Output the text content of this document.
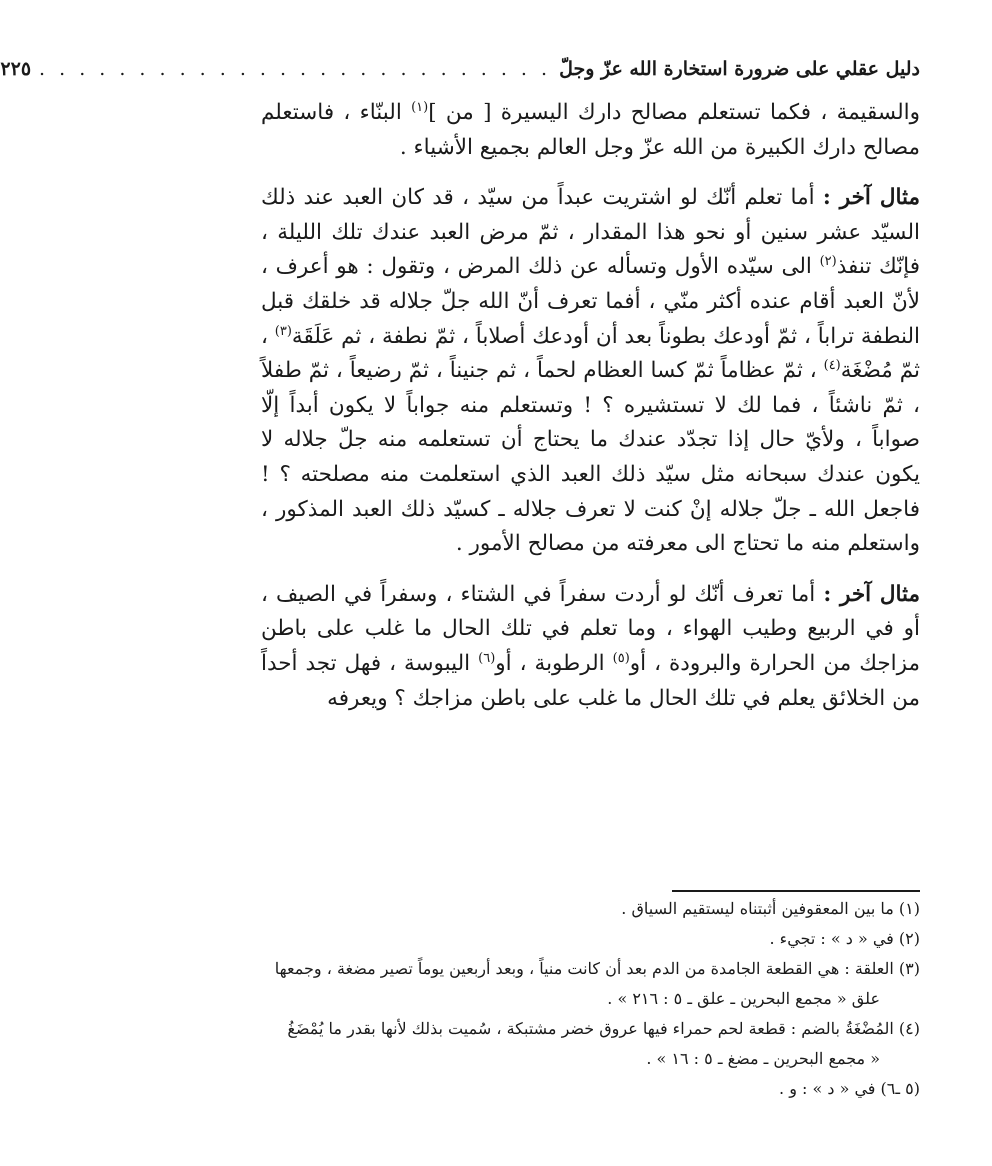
دليل عقلي على ضرورة استخارة الله عزّ وجلّ
. . . . . . . . . . . . . . . . . . . . . . . . . .
٢٢٥

والسقيمة ، فكما تستعلم مصالح دارك اليسيرة [ من ]$^{(١)}$ البنّاء ، فاستعلم مصالح دارك الكبيرة من الله عزّ وجل العالم بجميع الأشياء .

مثال آخر : أما تعلم أنّك لو اشتريت عبداً من سيّد ، قد كان العبد عند ذلك السيّد عشر سنين أو نحو هذا المقدار ، ثمّ مرض العبد عندك تلك الليلة ، فإنّك تنفذ$^{(٢)}$ الى سيّده الأول وتسأله عن ذلك المرض ، وتقول : هو أعرف ، لأنّ العبد أقام عنده أكثر منّي ، أفما تعرف أنّ الله جلّ جلاله قد خلقك قبل النطفة تراباً ، ثمّ أودعك بطوناً بعد أن أودعك أصلاباً ، ثمّ نطفة ، ثم عَلَقَة$^{(٣)}$ ، ثمّ مُضْغَة$^{(٤)}$ ، ثمّ عظاماً ثمّ كسا العظام لحماً ، ثم جنيناً ، ثمّ رضيعاً ، ثمّ طفلاً ، ثمّ ناشئاً ، فما لك لا تستشيره ؟ ! وتستعلم منه جواباً لا يكون أبداً إلّا صواباً ، ولأيّ حال إذا تجدّد عندك ما يحتاج أن تستعلمه منه جلّ جلاله لا يكون عندك سبحانه مثل سيّد ذلك العبد الذي استعلمت منه مصلحته ؟ ! فاجعل الله ـ جلّ جلاله إنْ كنت لا تعرف جلاله ـ كسيّد ذلك العبد المذكور ، واستعلم منه ما تحتاج الى معرفته من مصالح الأمور .

مثال آخر : أما تعرف أنّك لو أردت سفراً في الشتاء ، وسفراً في الصيف ، أو في الربيع وطيب الهواء ، وما تعلم في تلك الحال ما غلب على باطن مزاجك من الحرارة والبرودة ، أو$^{(٥)}$ الرطوبة ، أو$^{(٦)}$ اليبوسة ، فهل تجد أحداً من الخلائق يعلم في تلك الحال ما غلب على باطن مزاجك ؟ ويعرفه

(١) ما بين المعقوفين أثبتناه ليستقيم السياق .

(٢) في « د » : تجيء .

(٣) العلقة : هي القطعة الجامدة من الدم بعد أن كانت منياً ، وبعد أربعين يوماً تصير مضغة ، وجمعها
علق « مجمع البحرين ـ علق ـ ٥ : ٢١٦ » .

(٤) المُضْغَةُ بالضم : قطعة لحم حمراء فيها عروق خضر مشتبكة ، سُميت بذلك لأنها بقدر ما يُمْضَغُ
« مجمع البحرين ـ مضغ ـ ٥ : ١٦ » .

(٥ ـ٦) في « د » : و .
